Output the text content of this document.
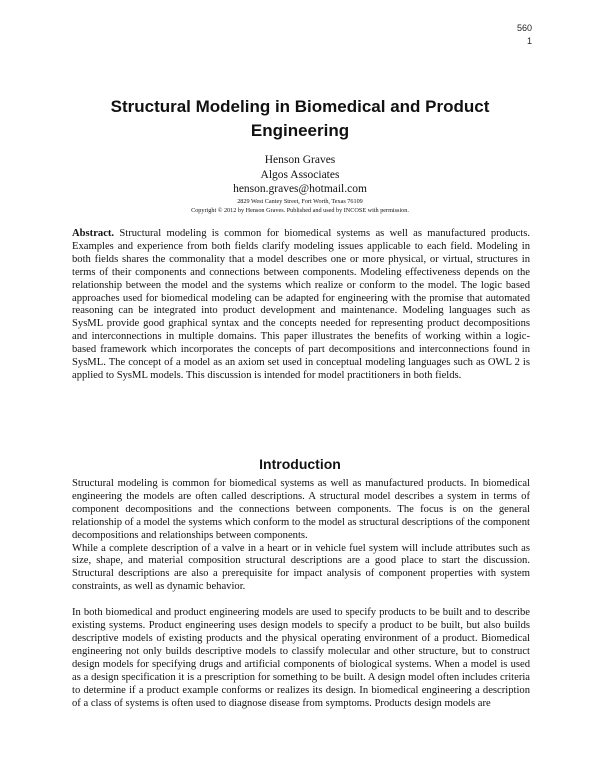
560
1
Structural Modeling in Biomedical and Product Engineering
Henson Graves
Algos Associates
henson.graves@hotmail.com
2829 West Cantey Street, Fort Worth, Texas 76109
Copyright © 2012 by Henson Graves. Published and used by INCOSE with permission.
Abstract. Structural modeling is common for biomedical systems as well as manufactured products. Examples and experience from both fields clarify modeling issues applicable to each field. Modeling in both fields shares the commonality that a model describes one or more physical, or virtual, structures in terms of their components and connections between components. Modeling effectiveness depends on the relationship between the model and the systems which realize or conform to the model. The logic based approaches used for biomedical modeling can be adapted for engineering with the promise that automated reasoning can be integrated into product development and maintenance. Modeling languages such as SysML provide good graphical syntax and the concepts needed for representing product decompositions and interconnections in multiple domains. This paper illustrates the benefits of working within a logic-based framework which incorporates the concepts of part decompositions and interconnections found in SysML. The concept of a model as an axiom set used in conceptual modeling languages such as OWL 2 is applied to SysML models. This discussion is intended for model practitioners in both fields.
Introduction

Structural modeling is common for biomedical systems as well as manufactured products. In biomedical engineering the models are often called descriptions. A structural model describes a system in terms of component decompositions and the connections between components. The focus is on the general relationship of a model the systems which conform to the model as structural descriptions of the component decompositions and relationships between components.

While a complete description of a valve in a heart or in vehicle fuel system will include attributes such as size, shape, and material composition structural descriptions are a good place to start the discussion. Structural descriptions are also a prerequisite for impact analysis of component properties with system constraints, as well as dynamic behavior.

In both biomedical and product engineering models are used to specify products to be built and to describe existing systems. Product engineering uses design models to specify a product to be built, but also builds descriptive models of existing products and the physical operating environment of a product. Biomedical engineering not only builds descriptive models to classify molecular and other structure, but to construct design models for specifying drugs and artificial components of biological systems. When a model is used as a design specification it is a prescription for something to be built. A design model often includes criteria to determine if a product example conforms or realizes its design. In biomedical engineering a description of a class of systems is often used to diagnose disease from symptoms. Products design models are
